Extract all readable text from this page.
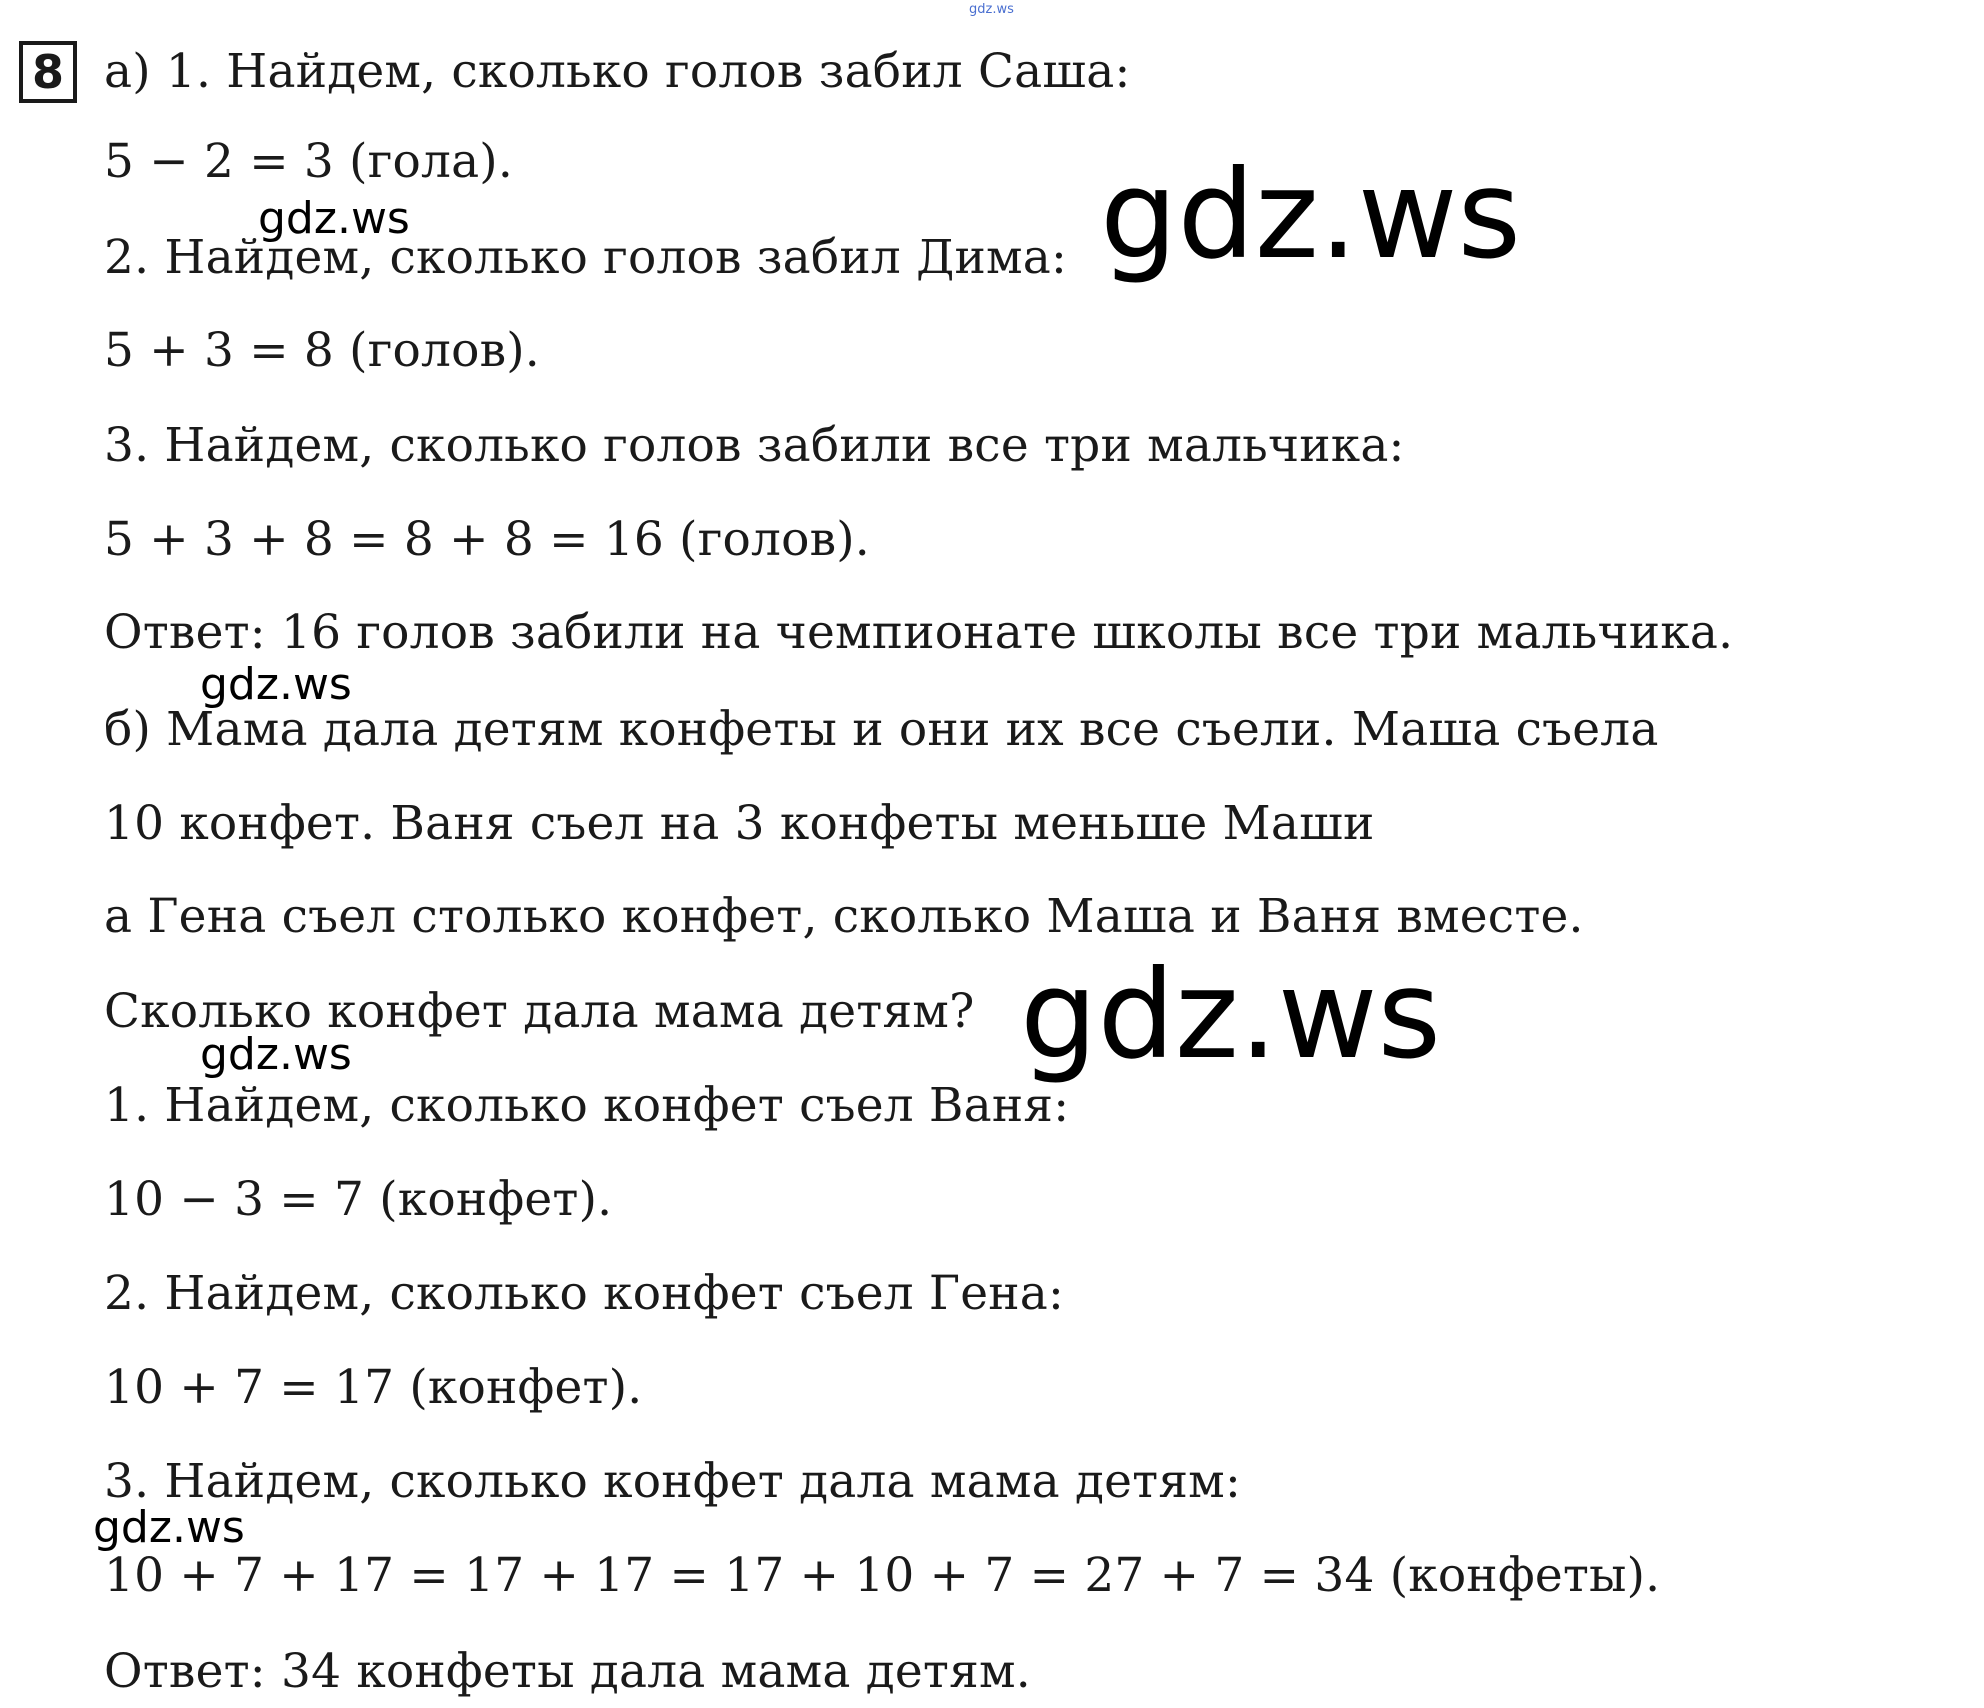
gdz.ws
8 а) 1. Найдем, сколько голов забил Саша:
5 − 2 = 3 (гола).
2. Найдем, сколько голов забил Дима:
5 + 3 = 8 (голов).
3. Найдем, сколько голов забили все три мальчика:
5 + 3 + 8 = 8 + 8 = 16 (голов).
Ответ: 16 голов забили на чемпионате школы все три мальчика.
б) Мама дала детям конфеты и они их все съели. Маша съела
10 конфет. Ваня съел на 3 конфеты меньше Маши
а Гена съел столько конфет, сколько Маша и Ваня вместе.
Сколько конфет дала мама детям?
1. Найдем, сколько конфет съел Ваня:
10 − 3 = 7 (конфет).
2. Найдем, сколько конфет съел Гена:
10 + 7 = 17 (конфет).
3. Найдем, сколько конфет дала мама детям:
10 + 7 + 17 = 17 + 17 = 17 + 10 + 7 = 27 + 7 = 34 (конфеты).
Ответ: 34 конфеты дала мама детям.
gdz.ws	gdz.ws
gdz.ws
gdz.ws
gdz.ws
gdz.ws
